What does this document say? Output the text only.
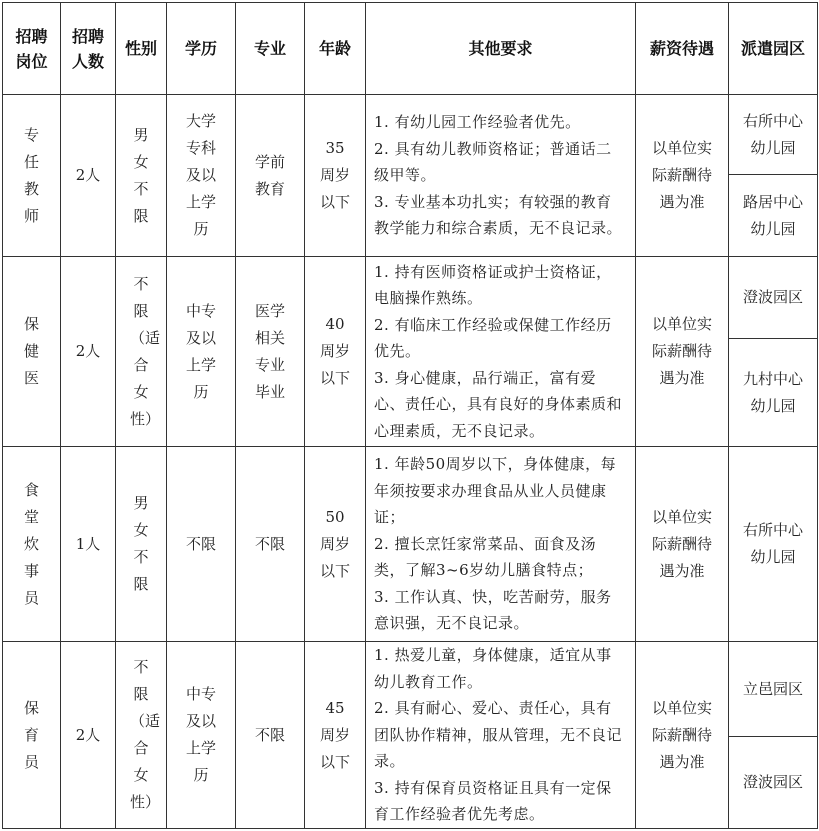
招聘岗位	招聘人数	性别	学历	专业	年龄	其他要求	薪资待遇	派遣园区
专任教师	2人	男女不限	大学专科及以上学历	学前教育	35周岁以下	1. 有幼儿园工作经验者优先。

2. 具有幼儿教师资格证；普通话二级甲等。

3. 专业基本功扎实；有较强的教育教学能力和综合素质，无不良记录。	以单位实际薪酬待遇为准	右所中心幼儿园
								路居中心幼儿园
保健医	2人	不限（适合女性）	中专及以上学历	医学相关专业毕业	40周岁以下	1. 持有医师资格证或护士资格证，电脑操作熟练。

2. 有临床工作经验或保健工作经历优先。

3. 身心健康，品行端正，富有爱心、责任心，具有良好的身体素质和心理素质，无不良记录。	以单位实际薪酬待遇为准	澄波园区
								九村中心幼儿园
食堂炊事员	1人	男女不限	不限	不限	50周岁以下	1. 年龄50周岁以下，身体健康，每年须按要求办理食品从业人员健康证；

2. 擅长烹饪家常菜品、面食及汤类，了解3~6岁幼儿膳食特点；

3. 工作认真、快，吃苦耐劳，服务意识强，无不良记录。	以单位实际薪酬待遇为准	右所中心幼儿园
保育员	2人	不限（适合女性）	中专及以上学历	不限	45周岁以下	1. 热爱儿童，身体健康，适宜从事幼儿教育工作。

2. 具有耐心、爱心、责任心，具有团队协作精神，服从管理，无不良记录。

3. 持有保育员资格证且具有一定保育工作经验者优先考虑。	以单位实际薪酬待遇为准	立邑园区
								澄波园区
